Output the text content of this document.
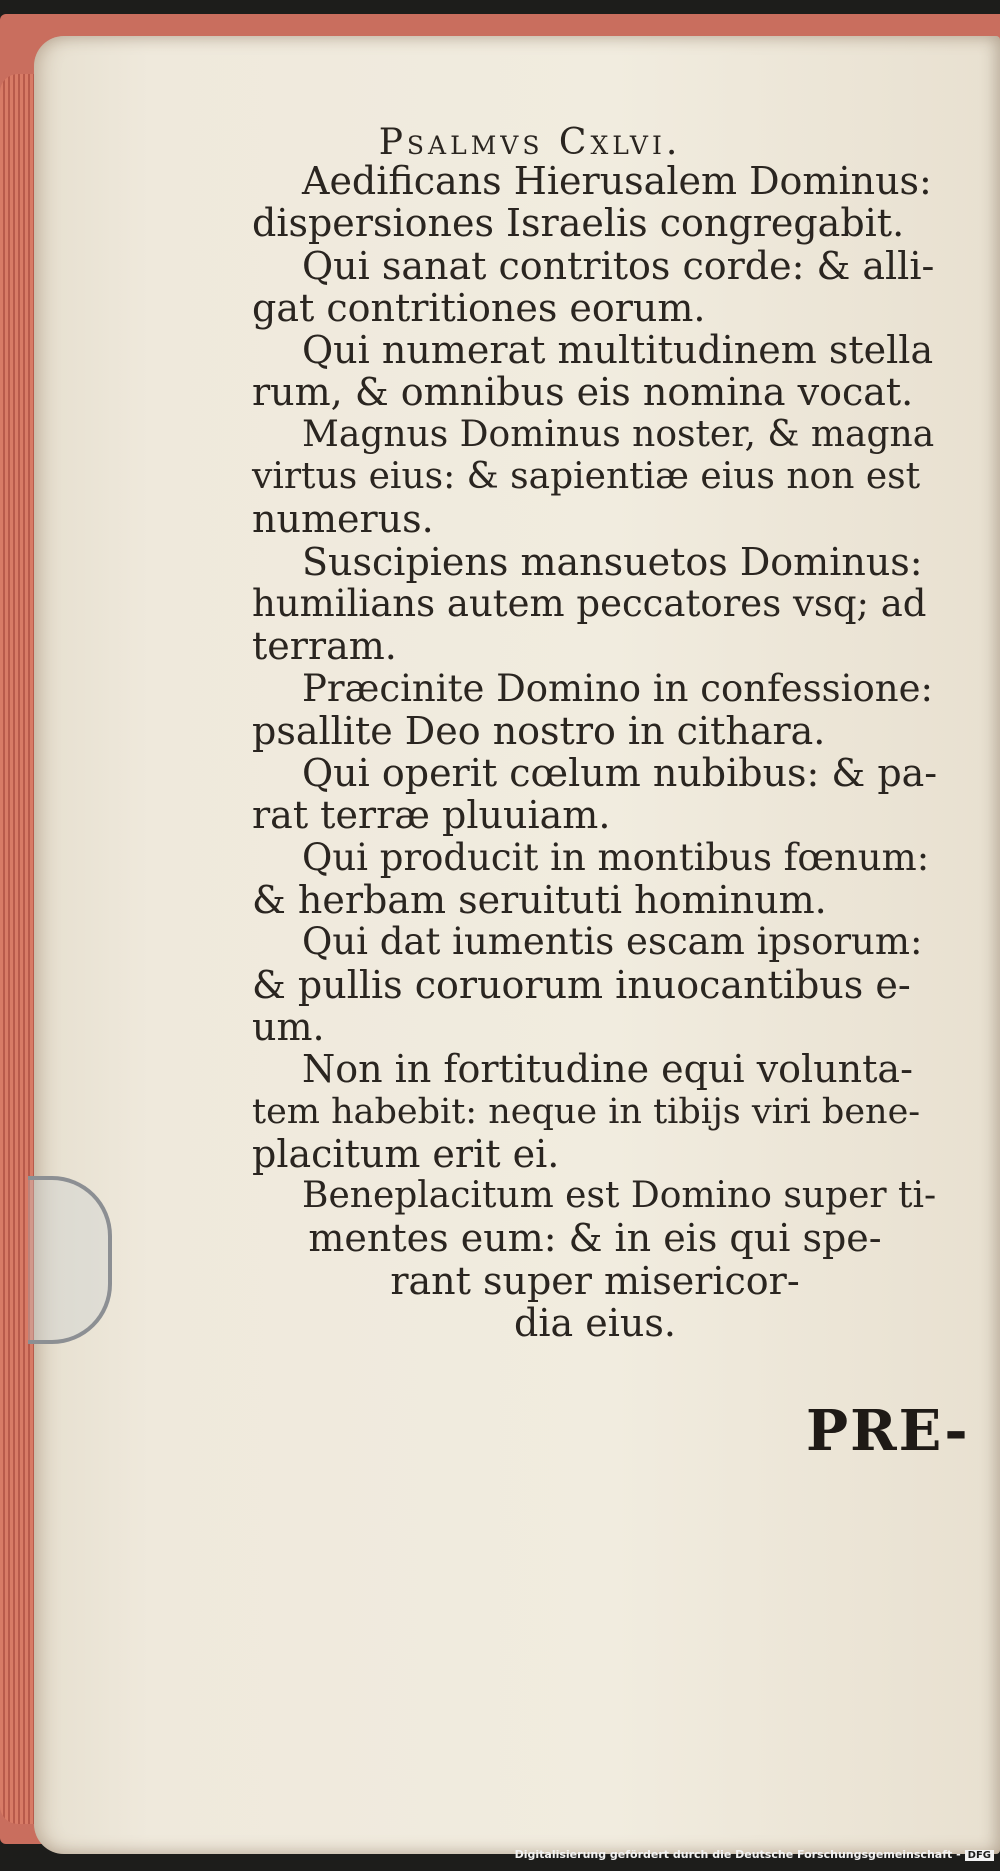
Psalmvs Cxlvi.
Aedificans Hierusalem Dominus:
dispersiones Israelis congregabit.
Qui sanat contritos corde: & alli-
gat contritiones eorum.
Qui numerat multitudinem stella
rum, & omnibus eis nomina vocat.
Magnus Dominus noster, & magna
virtus eius: & sapientiæ eius non est
numerus.
Suscipiens mansuetos Dominus:
humilians autem peccatores vsq; ad
terram.
Præcinite Domino in confessione:
psallite Deo nostro in cithara.
Qui operit cœlum nubibus: & pa-
rat terræ pluuiam.
Qui producit in montibus fœnum:
& herbam seruituti hominum.
Qui dat iumentis escam ipsorum:
& pullis coruorum inuocantibus e-
um.
Non in fortitudine equi volunta-
tem habebit: neque in tibijs viri bene-
placitum erit ei.
Beneplacitum est Domino super ti-
mentes eum: & in eis qui spe-
rant super misericor-
dia eius.
PRE-
Digitalisierung gefördert durch die Deutsche Forschungsgemeinschaft - DFG
